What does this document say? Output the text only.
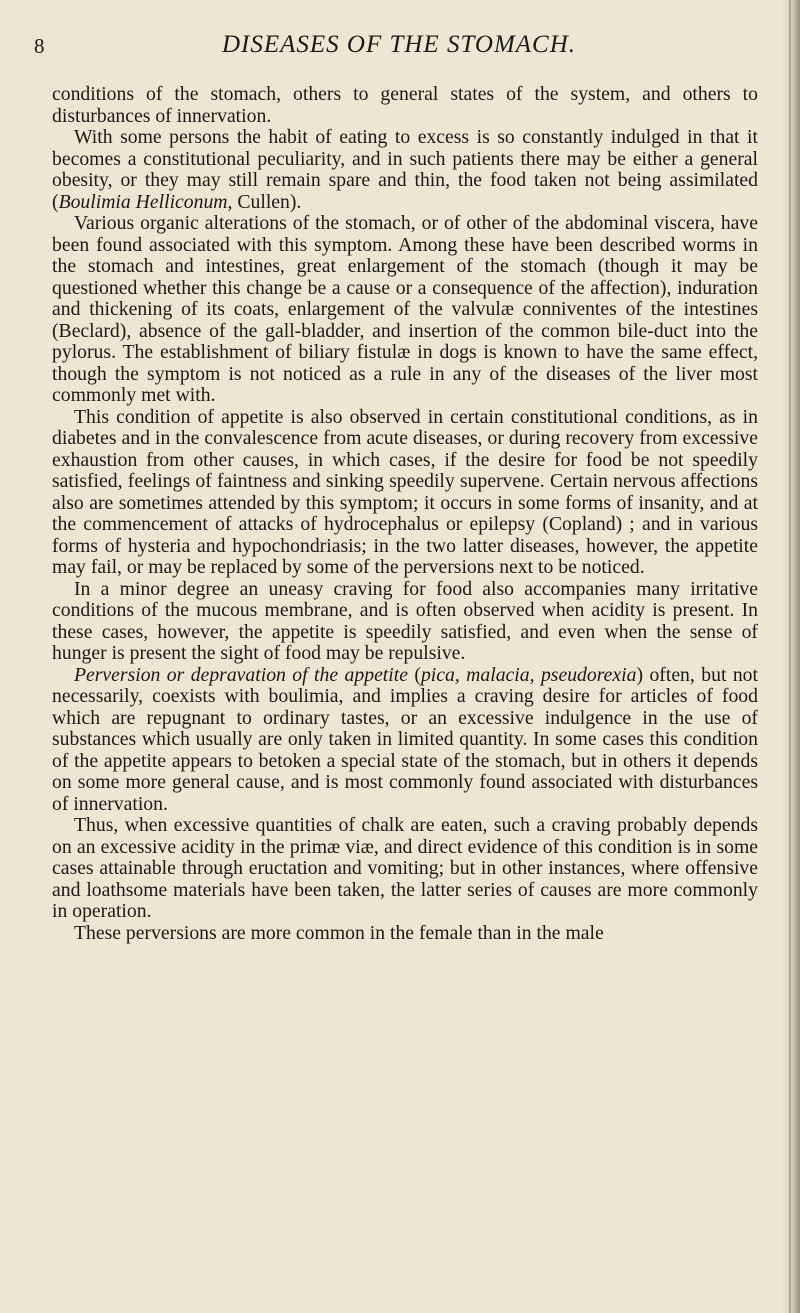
8	DISEASES OF THE STOMACH.

conditions of the stomach, others to general states of the system, and others to disturbances of innervation.

With some persons the habit of eating to excess is so constantly indulged in that it becomes a constitutional peculiarity, and in such patients there may be either a general obesity, or they may still remain spare and thin, the food taken not being assimilated (Boulimia Helliconum, Cullen).

Various organic alterations of the stomach, or of other of the abdominal viscera, have been found associated with this symptom. Among these have been described worms in the stomach and intestines, great enlargement of the stomach (though it may be questioned whether this change be a cause or a consequence of the affection), induration and thickening of its coats, enlargement of the valvulæ conniventes of the intestines (Beclard), absence of the gall-bladder, and insertion of the common bile-duct into the pylorus. The establishment of biliary fistulæ in dogs is known to have the same effect, though the symptom is not noticed as a rule in any of the diseases of the liver most commonly met with.

This condition of appetite is also observed in certain constitutional conditions, as in diabetes and in the convalescence from acute diseases, or during recovery from excessive exhaustion from other causes, in which cases, if the desire for food be not speedily satisfied, feelings of faintness and sinking speedily supervene. Certain nervous affections also are sometimes attended by this symptom; it occurs in some forms of insanity, and at the commencement of attacks of hydrocephalus or epilepsy (Copland) ; and in various forms of hysteria and hypochondriasis; in the two latter diseases, however, the appetite may fail, or may be replaced by some of the perversions next to be noticed.

In a minor degree an uneasy craving for food also accompanies many irritative conditions of the mucous membrane, and is often observed when acidity is present. In these cases, however, the appetite is speedily satisfied, and even when the sense of hunger is present the sight of food may be repulsive.

Perversion or depravation of the appetite (pica, malacia, pseudorexia) often, but not necessarily, coexists with boulimia, and implies a craving desire for articles of food which are repugnant to ordinary tastes, or an excessive indulgence in the use of substances which usually are only taken in limited quantity. In some cases this condition of the appetite appears to betoken a special state of the stomach, but in others it depends on some more general cause, and is most commonly found associated with disturbances of innervation.

Thus, when excessive quantities of chalk are eaten, such a craving probably depends on an excessive acidity in the primæ viæ, and direct evidence of this condition is in some cases attainable through eructation and vomiting; but in other instances, where offensive and loathsome materials have been taken, the latter series of causes are more commonly in operation.

These perversions are more common in the female than in the male
